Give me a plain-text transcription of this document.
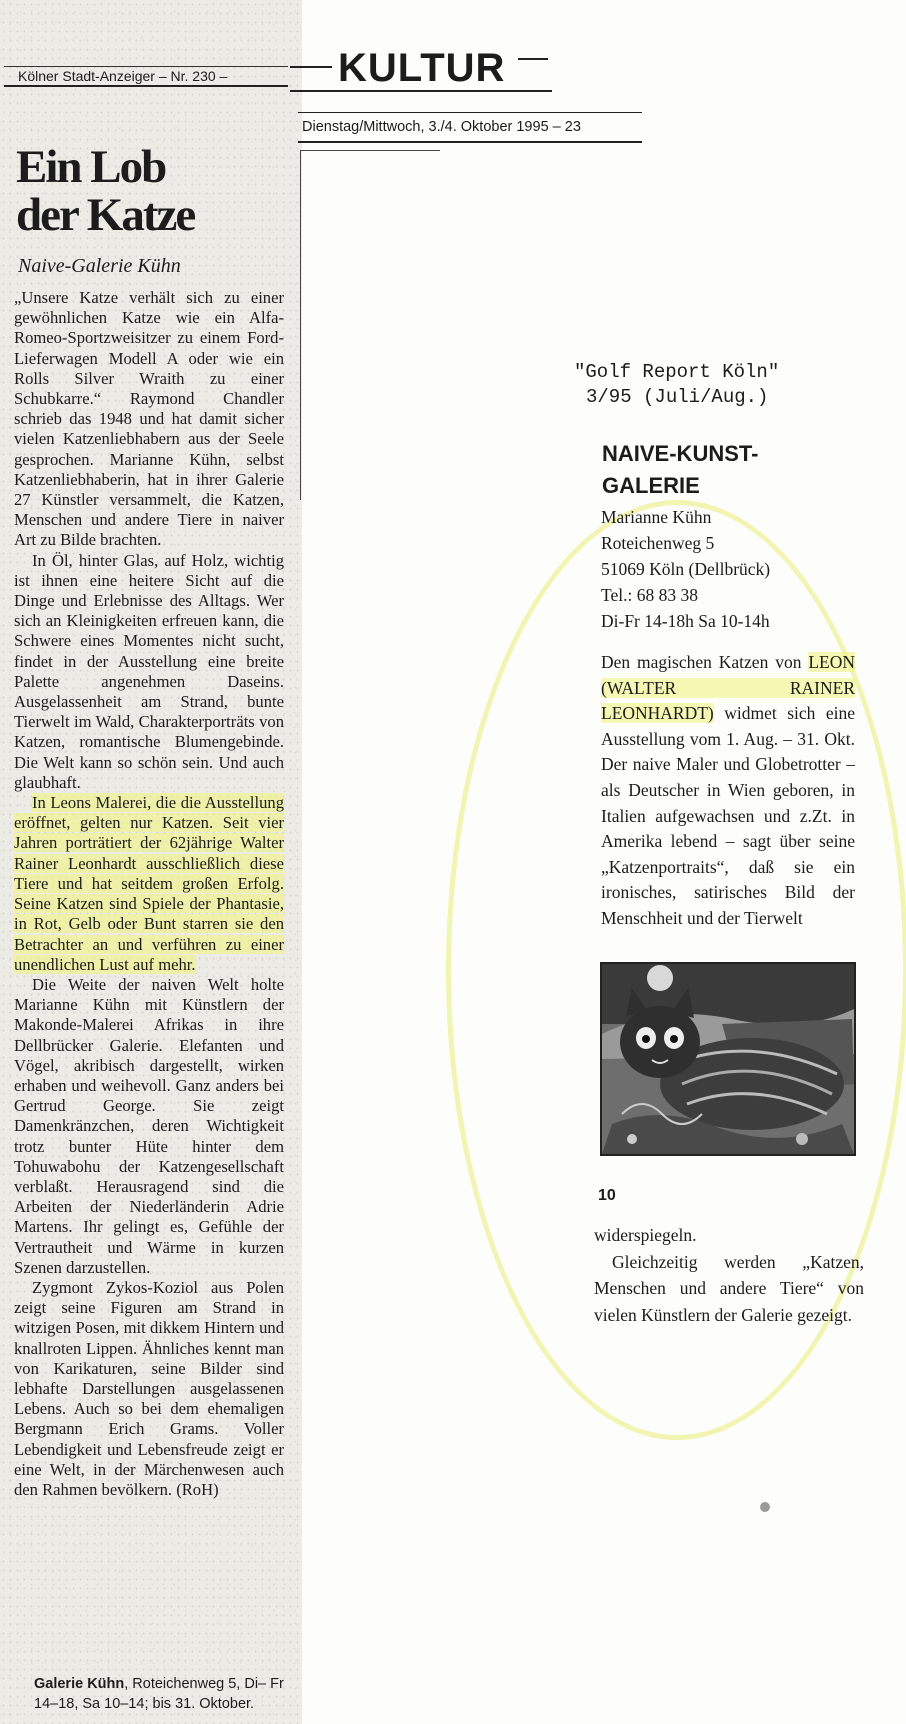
Kölner Stadt-Anzeiger – Nr. 230 –
Ein Lob
der Katze
Naive-Galerie Kühn

„Unsere Katze verhält sich zu einer gewöhnlichen Katze wie ein Alfa-Romeo-Sportzweisitzer zu einem Ford-Lieferwagen Modell A oder wie ein Rolls Silver Wraith zu einer Schubkarre.“ Raymond Chandler schrieb das 1948 und hat damit sicher vielen Katzenliebhabern aus der Seele gesprochen. Marianne Kühn, selbst Katzenliebhaberin, hat in ihrer Galerie 27 Künstler versammelt, die Katzen, Menschen und andere Tiere in naiver Art zu Bilde brachten.

In Öl, hinter Glas, auf Holz, wichtig ist ihnen eine heitere Sicht auf die Dinge und Erlebnisse des Alltags. Wer sich an Kleinigkeiten erfreuen kann, die Schwere eines Momentes nicht sucht, findet in der Ausstellung eine breite Palette angenehmen Daseins. Ausgelassenheit am Strand, bunte Tierwelt im Wald, Charakterporträts von Katzen, romantische Blumengebinde. Die Welt kann so schön sein. Und auch glaubhaft.

In Leons Malerei, die die Ausstellung eröffnet, gelten nur Katzen. Seit vier Jahren porträtiert der 62jährige Walter Rainer Leonhardt ausschließlich diese Tiere und hat seitdem großen Erfolg. Seine Katzen sind Spiele der Phantasie, in Rot, Gelb oder Bunt starren sie den Betrachter an und verführen zu einer unendlichen Lust auf mehr.

Die Weite der naiven Welt holte Marianne Kühn mit Künstlern der Makonde-Malerei Afrikas in ihre Dellbrücker Galerie. Elefanten und Vögel, akribisch dargestellt, wirken erhaben und weihevoll. Ganz anders bei Gertrud George. Sie zeigt Damenkränzchen, deren Wichtigkeit trotz bunter Hüte hinter dem Tohuwabohu der Katzengesellschaft verblaßt. Herausragend sind die Arbeiten der Niederländerin Adrie Martens. Ihr gelingt es, Gefühle der Vertrautheit und Wärme in kurzen Szenen darzustellen.

Zygmont Zykos-Koziol aus Polen zeigt seine Figuren am Strand in witzigen Posen, mit dikkem Hintern und knallroten Lippen. Ähnliches kennt man von Karikaturen, seine Bilder sind lebhafte Darstellungen ausgelassenen Lebens. Auch so bei dem ehemaligen Bergmann Erich Grams. Voller Lebendigkeit und Lebensfreude zeigt er eine Welt, in der Märchenwesen auch den Rahmen bevölkern. (RoH)

Galerie Kühn, Roteichenweg 5, Di– Fr 14–18, Sa 10–14; bis 31. Oktober.
KULTUR
Dienstag/Mittwoch, 3./4. Oktober 1995 – 23
"Golf Report Köln"
3/95 (Juli/Aug.)
NAIVE-KUNST-
GALERIE
Marianne Kühn
Roteichenweg 5
51069 Köln (Dellbrück)
Tel.: 68 83 38
Di-Fr 14-18h Sa 10-14h
Den magischen Katzen von LEON (WALTER RAINER LEONHARDT) widmet sich eine Ausstellung vom 1. Aug. – 31. Okt. Der naive Maler und Globetrotter – als Deutscher in Wien geboren, in Italien aufgewachsen und z.Zt. in Amerika lebend – sagt über seine „Katzenportraits“, daß sie ein ironisches, satirisches Bild der Menschheit und der Tierwelt
10

widerspiegeln.

Gleichzeitig werden „Katzen, Menschen und andere Tiere“ von vielen Künstlern der Galerie gezeigt.
